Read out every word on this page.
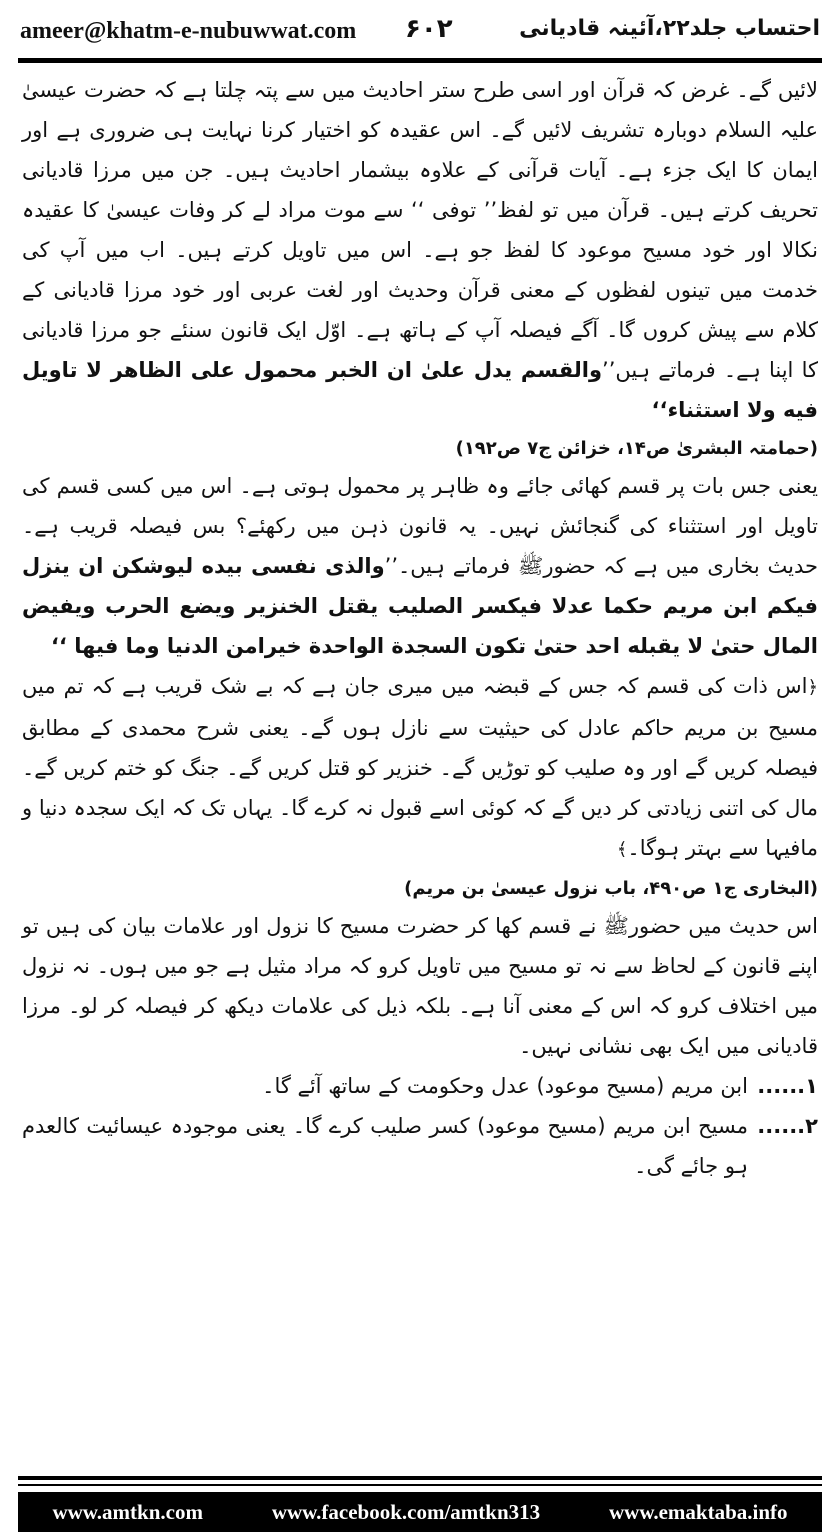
ameer@khatm-e-nubuwwat.com ۶۰۲	احتساب جلد۲۲،آئینہ قادیانی

لائیں گے۔ غرض کہ قرآن اور اسی طرح ستر احادیث میں سے پتہ چلتا ہے کہ حضرت عیسیٰ علیہ السلام دوبارہ تشریف لائیں گے۔ اس عقیدہ کو اختیار کرنا نہایت ہی ضروری ہے اور ایمان کا ایک جزء ہے۔ آیات قرآنی کے علاوہ بیشمار احادیث ہیں۔ جن میں مرزا قادیانی تحریف کرتے ہیں۔ قرآن میں تو لفظ’’ توفی ‘‘ سے موت مراد لے کر وفات عیسیٰ کا عقیدہ نکالا اور خود مسیح موعود کا لفظ جو ہے۔ اس میں تاویل کرتے ہیں۔ اب میں آپ کی خدمت میں تینوں لفظوں کے معنی قرآن وحدیث اور لغت عربی اور خود مرزا قادیانی کے کلام سے پیش کروں گا۔ آگے فیصلہ آپ کے ہاتھ ہے۔ اوّل ایک قانون سنئے جو مرزا قادیانی کا اپنا ہے۔ فرماتے ہیں’’والقسم یدل علیٰ ان الخبر محمول علی الظاهر لا تاویل فیه ولا استثناء‘‘

(حمامتہ البشریٰ ص۱۴، خزائن ج۷ ص۱۹۲)

یعنی جس بات پر قسم کھائی جائے وہ ظاہر پر محمول ہوتی ہے۔ اس میں کسی قسم کی تاویل اور استثناء کی گنجائش نہیں۔ یہ قانون ذہن میں رکھئے؟ بس فیصلہ قریب ہے۔ حدیث بخاری میں ہے کہ حضورﷺ فرماتے ہیں۔’’والذی نفسی بیده لیوشکن ان ینزل فیکم ابن مریم حکما عدلا فیکسر الصلیب یقتل الخنزیر ویضع الحرب ویفیض المال حتیٰ لا یقبله احد حتیٰ تکون السجدة الواحدة خیرامن الدنیا وما فیها ‘‘

﴿اس ذات کی قسم کہ جس کے قبضہ میں میری جان ہے کہ بے شک قریب ہے کہ تم میں مسیح بن مریم حاکم عادل کی حیثیت سے نازل ہوں گے۔ یعنی شرح محمدی کے مطابق فیصلہ کریں گے اور وہ صلیب کو توڑیں گے۔ خنزیر کو قتل کریں گے۔ جنگ کو ختم کریں گے۔ مال کی اتنی زیادتی کر دیں گے کہ کوئی اسے قبول نہ کرے گا۔ یہاں تک کہ ایک سجدہ دنیا و مافیہا سے بہتر ہوگا۔﴾

(البخاری ج۱ ص۴۹۰، باب نزول عیسیٰ بن مریم)

اس حدیث میں حضورﷺ نے قسم کھا کر حضرت مسیح کا نزول اور علامات بیان کی ہیں تو اپنے قانون کے لحاظ سے نہ تو مسیح میں تاویل کرو کہ مراد مثیل ہے جو میں ہوں۔ نہ نزول میں اختلاف کرو کہ اس کے معنی آنا ہے۔ بلکہ ذیل کی علامات دیکھ کر فیصلہ کر لو۔ مرزا قادیانی میں ایک بھی نشانی نہیں۔

۱......
ابن مریم (مسیح موعود) عدل وحکومت کے ساتھ آئے گا۔
۲......
مسیح ابن مریم (مسیح موعود) کسر صلیب کرے گا۔ یعنی موجودہ عیسائیت کالعدم ہو جائے گی۔
www.amtkn.com	www.facebook.com/amtkn313	www.emaktaba.info
